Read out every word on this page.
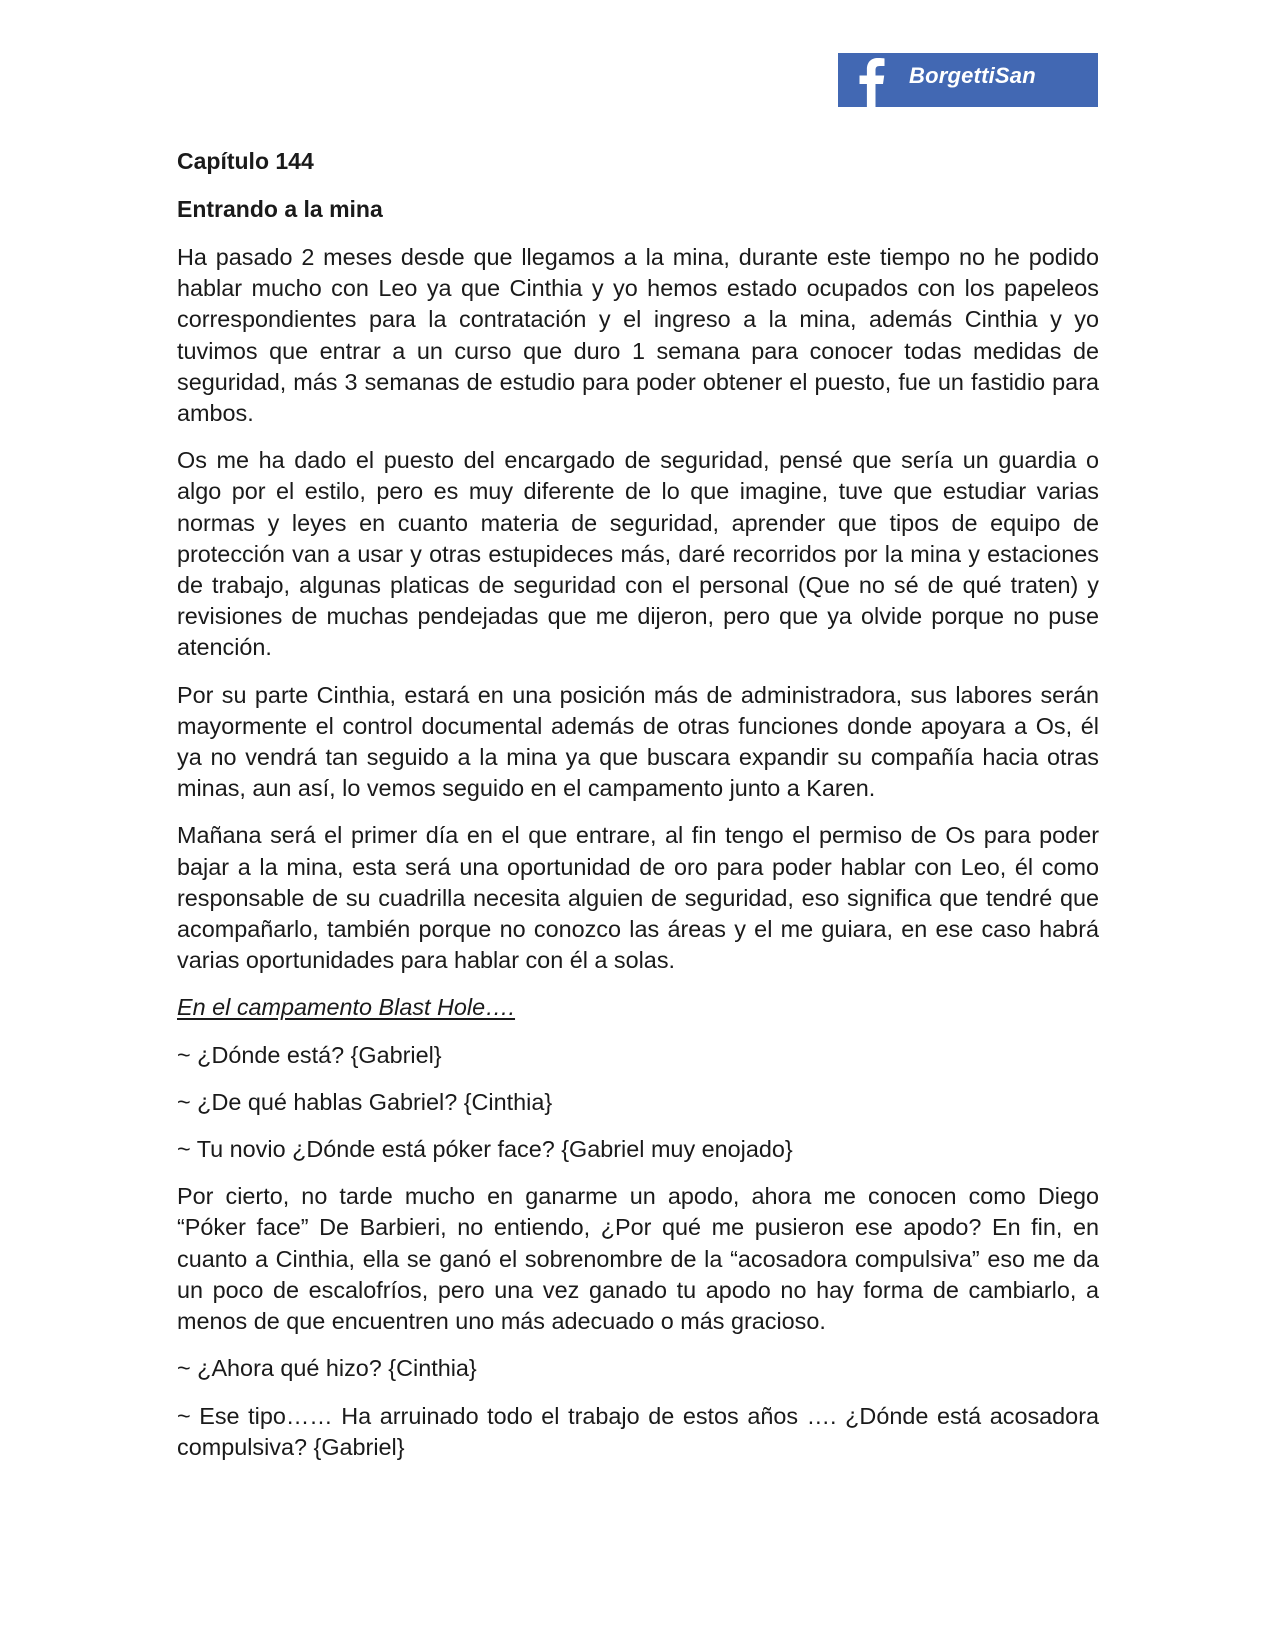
BorgettiSan
Capítulo 144
Entrando a la mina

Ha pasado 2 meses desde que llegamos a la mina, durante este tiempo no he podido hablar mucho con Leo ya que Cinthia y yo hemos estado ocupados con los papeleos correspondientes para la contratación y el ingreso a la mina, además Cinthia y yo tuvimos que entrar a un curso que duro 1 semana para conocer todas medidas de seguridad, más 3 semanas de estudio para poder obtener el puesto, fue un fastidio para ambos.

Os me ha dado el puesto del encargado de seguridad, pensé que sería un guardia o algo por el estilo, pero es muy diferente de lo que imagine, tuve que estudiar varias normas y leyes en cuanto materia de seguridad, aprender que tipos de equipo de protección van a usar y otras estupideces más, daré recorridos por la mina y estaciones de trabajo, algunas platicas de seguridad con el personal (Que no sé de qué traten) y revisiones de muchas pendejadas que me dijeron, pero que ya olvide porque no puse atención.

Por su parte Cinthia, estará en una posición más de administradora, sus labores serán mayormente el control documental además de otras funciones donde apoyara a Os, él ya no vendrá tan seguido a la mina ya que buscara expandir su compañía hacia otras minas, aun así, lo vemos seguido en el campamento junto a Karen.

Mañana será el primer día en el que entrare, al fin tengo el permiso de Os para poder bajar a la mina, esta será una oportunidad de oro para poder hablar con Leo, él como responsable de su cuadrilla necesita alguien de seguridad, eso significa que tendré que acompañarlo, también porque no conozco las áreas y el me guiara, en ese caso habrá varias oportunidades para hablar con él a solas.

En el campamento Blast Hole….

~ ¿Dónde está? {Gabriel}

~ ¿De qué hablas Gabriel? {Cinthia}

~ Tu novio ¿Dónde está póker face? {Gabriel muy enojado}

Por cierto, no tarde mucho en ganarme un apodo, ahora me conocen como Diego “Póker face” De Barbieri, no entiendo, ¿Por qué me pusieron ese apodo? En fin, en cuanto a Cinthia, ella se ganó el sobrenombre de la “acosadora compulsiva” eso me da un poco de escalofríos, pero una vez ganado tu apodo no hay forma de cambiarlo, a menos de que encuentren uno más adecuado o más gracioso.

~ ¿Ahora qué hizo? {Cinthia}

~ Ese tipo…… Ha arruinado todo el trabajo de estos años …. ¿Dónde está acosadora compulsiva? {Gabriel}
